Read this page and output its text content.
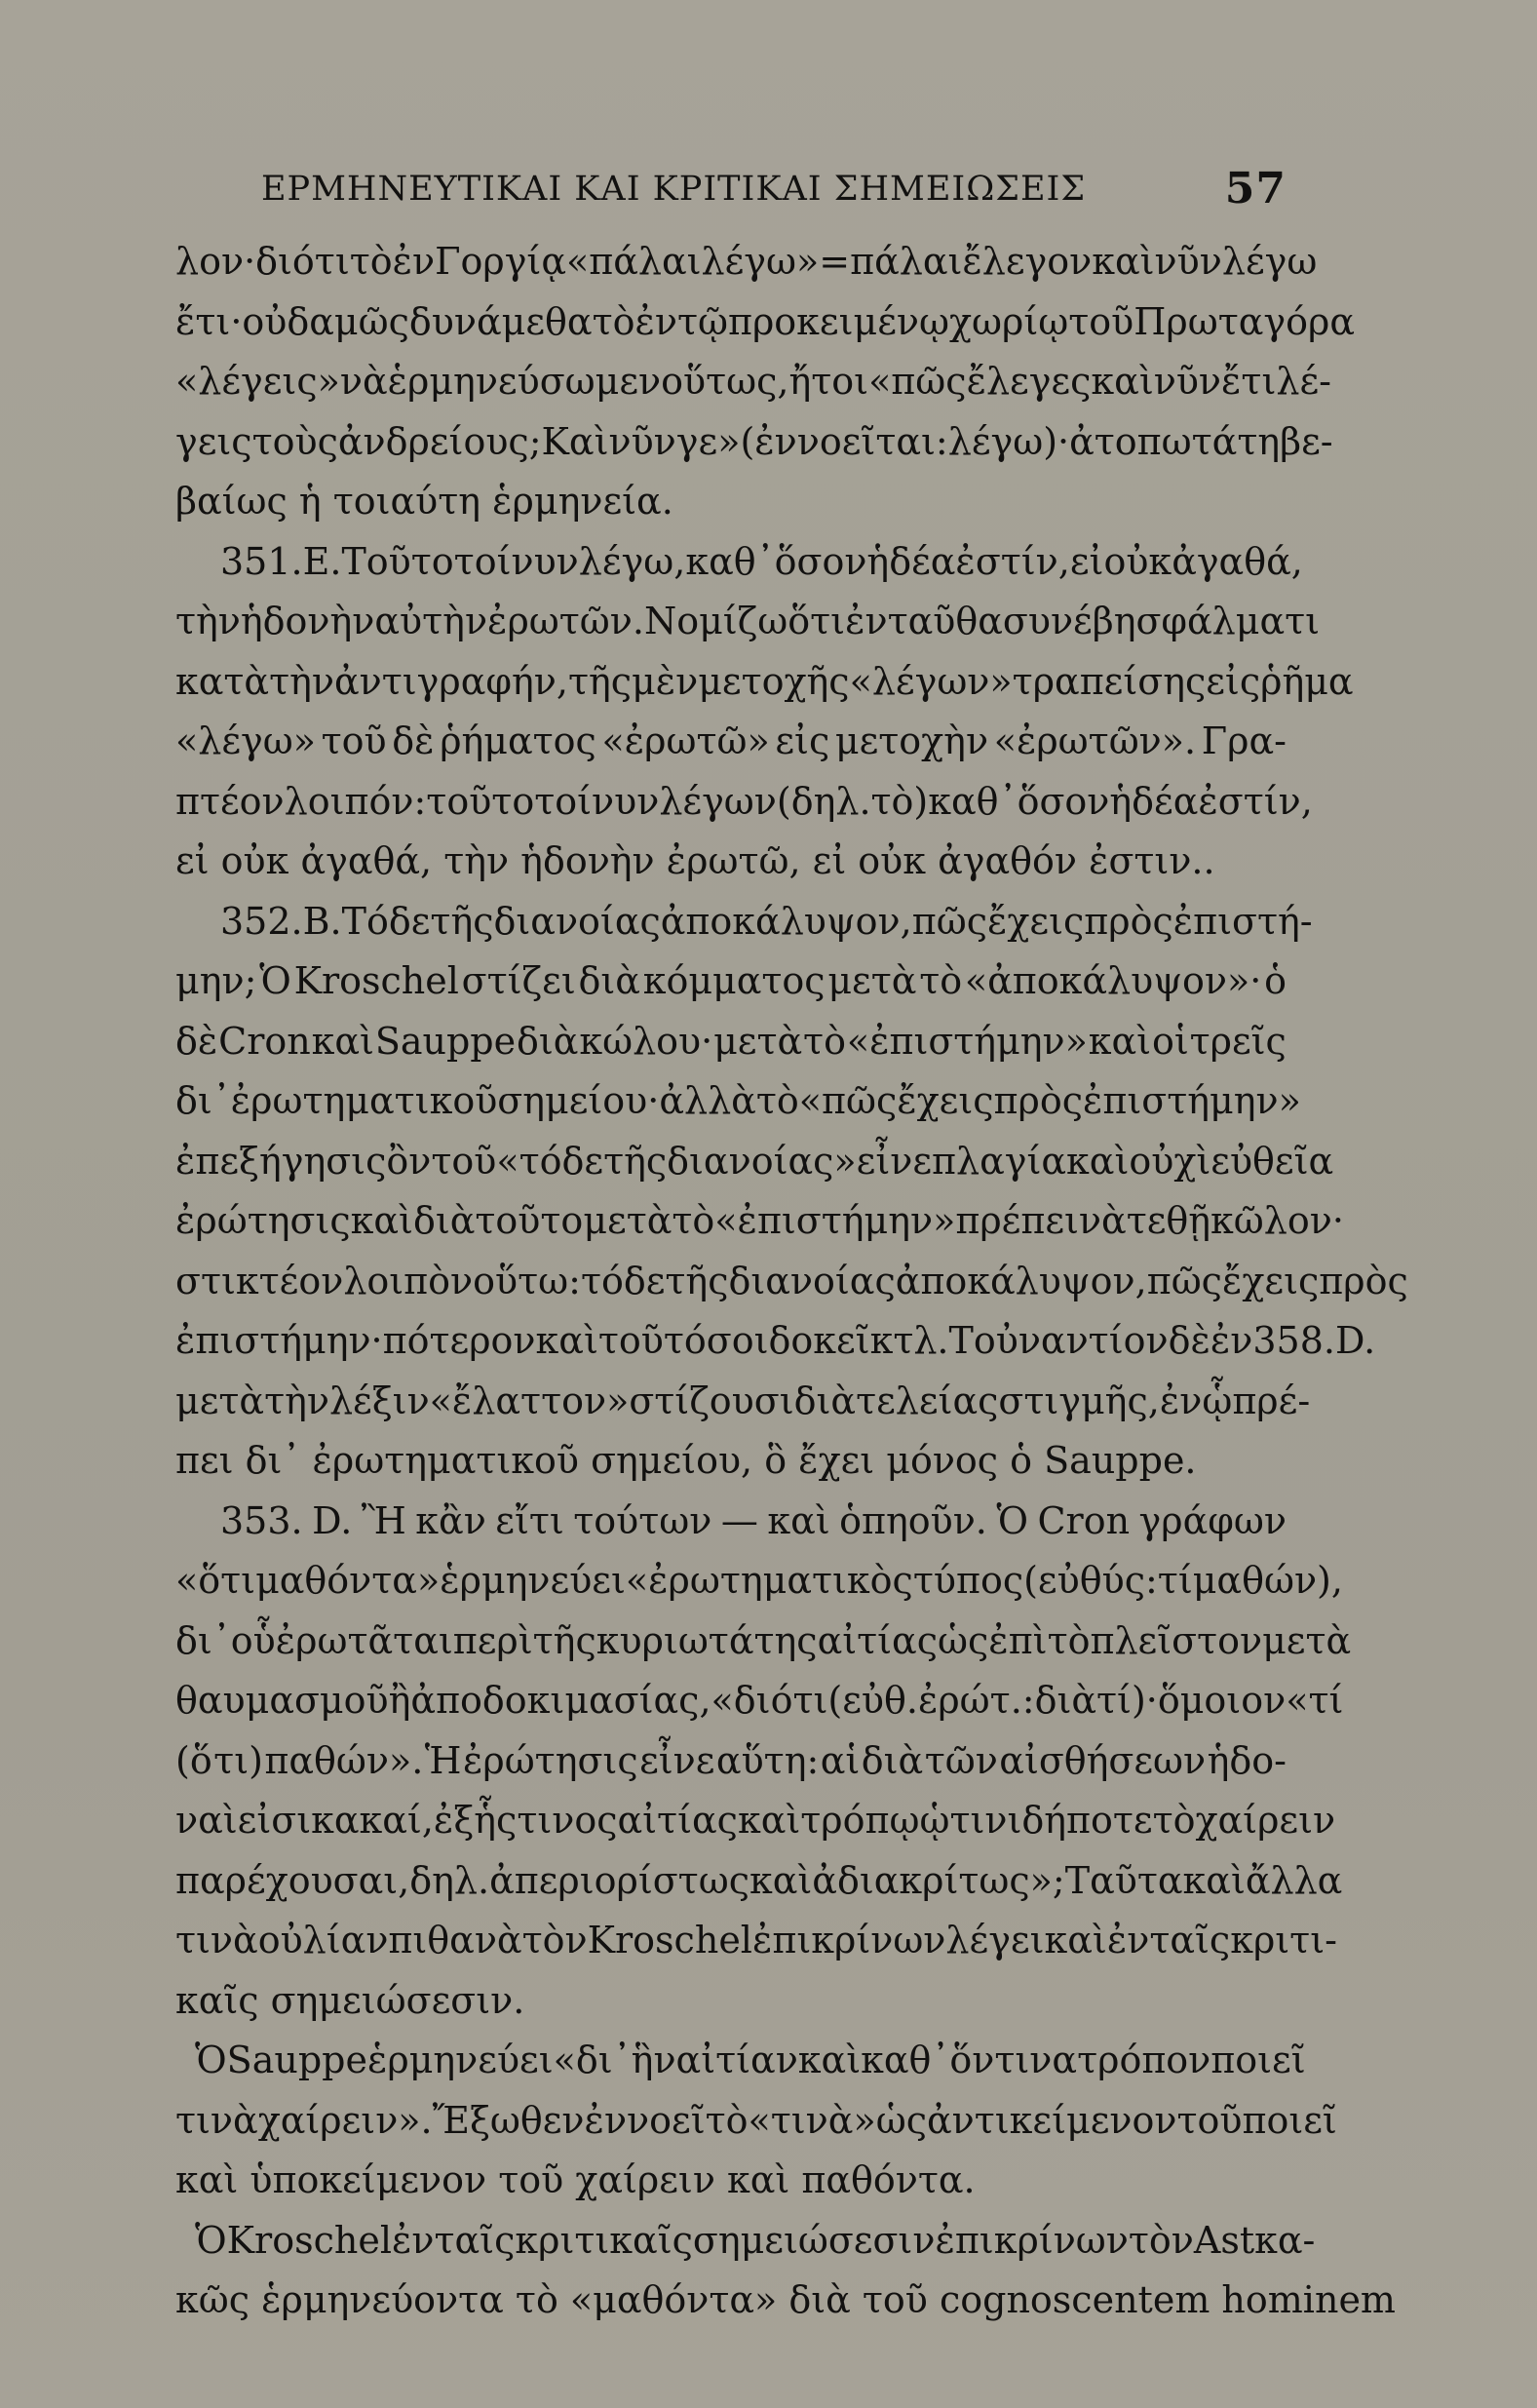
ΕΡΜΗΝΕΥΤΙΚΑΙ ΚΑΙ ΚΡΙΤΙΚΑΙ ΣΗΜΕΙΩΣΕΙΣ	57
λον· διότι τὸ ἐν Γοργίᾳ «πάλαι λέγω» = πάλαι ἔλεγον καὶ νῦν λέγω
ἔτι· οὐδαμῶς δυνάμεθα τὸ ἐν τῷ προκειμένῳ χωρίῳ τοῦ Πρωταγόρα
«λέγεις» νὰ ἑρμηνεύσωμεν οὕτως, ἤτοι «πῶς ἔλεγες καὶ νῦν ἔτι λέ-
γεις τοὺς ἀνδρείους; Καὶ νῦν γε» (ἐννοεῖται: λέγω)· ἀτοπωτάτη βε-
βαίως ἡ τοιαύτη ἑρμηνεία.
351. E. Τοῦτο τοίνυν λέγω, καθ᾽ ὅσον ἡδέα ἐστίν, εἰ οὐκ ἀγαθά,
τὴν ἡδονὴν αὐτὴν ἐρωτῶν. Νομίζω ὅτι ἐνταῦθα συνέβη σφάλμα τι
κατὰ τὴν ἀντιγραφήν, τῆς μὲν μετοχῆς «λέγων» τραπείσης εἰς ῥῆμα
«λέγω» τοῦ δὲ ῥήματος «ἐρωτῶ» εἰς μετοχὴν «ἐρωτῶν». Γρα-
πτέον λοιπόν: τοῦτο τοίνυν λέγων (δηλ. τὸ) καθ᾽ ὅσον ἡδέα ἐστίν,
εἰ οὐκ ἀγαθά, τὴν ἡδονὴν ἐρωτῶ, εἰ οὐκ ἀγαθόν ἐστιν..
352. B. Τόδε τῆς διανοίας ἀποκάλυψον, πῶς ἔχεις πρὸς ἐπιστή-
μην; Ὁ Kroschel στίζει διὰ κόμματος μετὰ τὸ «ἀποκάλυψον»· ὁ
δὲ Cron καὶ Sauppe διὰ κώλου· μετὰ τὸ «ἐπιστήμην» καὶ οἱ τρεῖς
δι᾽ ἐρωτηματικοῦ σημείου· ἀλλὰ τὸ «πῶς ἔχεις πρὸς ἐπιστήμην»
ἐπεξήγησις ὂν τοῦ «τόδε τῆς διανοίας» εἶνε πλαγία καὶ οὐχὶ εὐθεῖα
ἐρώτησις καὶ διὰ τοῦτο μετὰ τὸ «ἐπιστήμην» πρέπει νὰ τεθῇ κῶλον·
στικτέον λοιπὸν οὕτω: τόδε τῆς διανοίας ἀποκάλυψον, πῶς ἔχεις πρὸς
ἐπιστήμην· πότερον καὶ τοῦτό σοι δοκεῖ κτλ. Τοὐναντίον δὲ ἐν 358.D.
μετὰ τὴν λέξιν «ἔλαττον» στίζουσι διὰ τελείας στιγμῆς, ἐν ᾧ πρέ-
πει δι᾽ ἐρωτηματικοῦ σημείου, ὃ ἔχει μόνος ὁ Sauppe.
353. D. Ἢ κἂν εἴτι τούτων — καὶ ὁπηοῦν. Ὁ Cron γράφων
«ὅτι μαθόντα» ἑρμηνεύει «ἐρωτηματικὸς τύπος (εὐθύς: τί μαθών),
δι᾽ οὗ ἐρωτᾶται περὶ τῆς κυριωτάτης αἰτίας ὡς ἐπὶ τὸ πλεῖστον μετὰ
θαυμασμοῦ ἢ ἀποδοκιμασίας, «διότι (εὐθ. ἐρώτ.: διὰ τί)· ὅμοιον «τί
(ὅ τι) παθών». Ἡ ἐρώτησις εἶνε αὕτη: αἱ διὰ τῶν αἰσθήσεων ἡδο-
ναὶ εἰσι κακαί, ἐξ ἧς τινος αἰτίας καὶ τρόπῳ ᾡτινιδήποτε τὸ χαίρειν
παρέχουσαι, δηλ. ἀπεριορίστως καὶ ἀδιακρίτως»; Ταῦτα καὶ ἄλλα
τινὰ οὐ λίαν πιθανὰ τὸν Kroschel ἐπικρίνων λέγει καὶ ἐν ταῖς κριτι-
καῖς σημειώσεσιν.
Ὁ Sauppe ἑρμηνεύει «δι᾽ ἣν αἰτίαν καὶ καθ᾽ ὅντινα τρόπον ποιεῖ
τινὰ χαίρειν». Ἔξωθεν ἐννοεῖ τὸ «τινὰ» ὡς ἀντικείμενον τοῦ ποιεῖ
καὶ ὑποκείμενον τοῦ χαίρειν καὶ παθόντα.
Ὁ Kroschel ἐν ταῖς κριτικαῖς σημειώσεσιν ἐπικρίνων τὸν Ast κα-
κῶς ἑρμηνεύοντα τὸ «μαθόντα» διὰ τοῦ cognoscentem hominem
